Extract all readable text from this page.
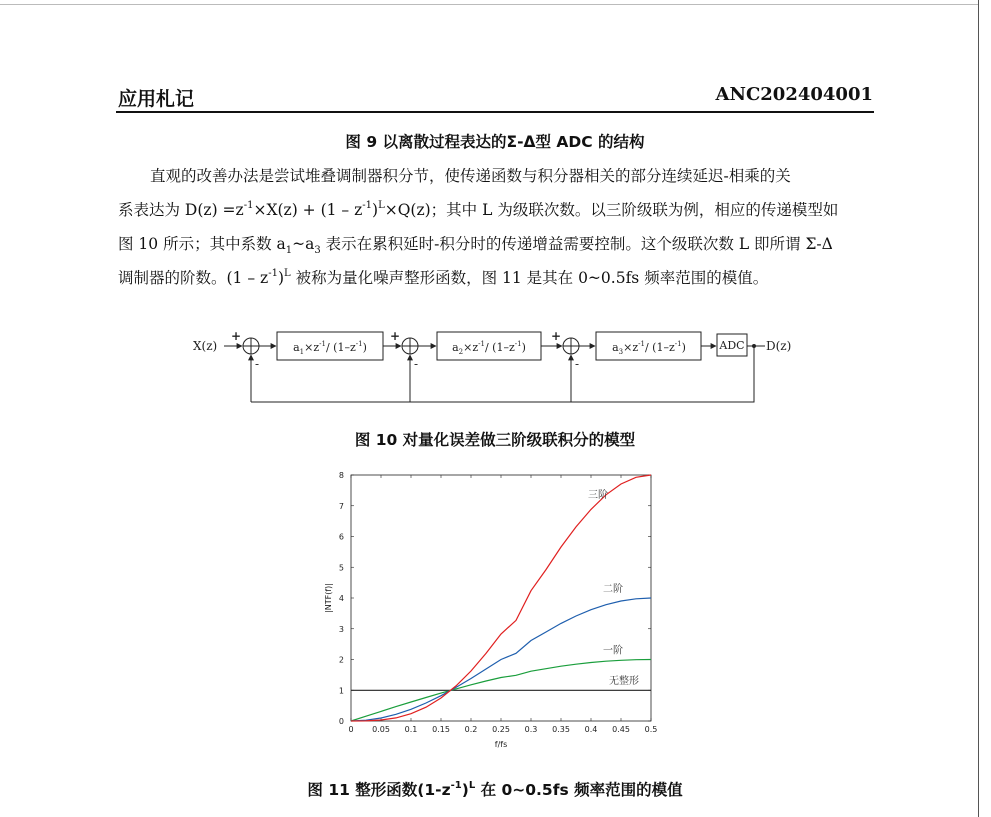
应用札记	ANC202404001
图 9 以离散过程表达的Σ-Δ型 ADC 的结构

直观的改善办法是尝试堆叠调制器积分节，使传递函数与积分器相关的部分连续延迟-相乘的关

系表达为 $D(z) =z^{-1}\times X(z) + (1 - z^{-1})^L\times Q(z)$；其中 L 为级联次数。以三阶级联为例，相应的传递模型如

图 10 所示；其中系数 $a_1\sim a_3$ 表示在累积延时-积分时的传递增益需要控制。这个级联次数 L 即所谓 Σ-Δ

调制器的阶数。$(1 - z^{-1})^L$ 被称为量化噪声整形函数，图 11 是其在 0~0.5fs 频率范围的模值。

X(z)
+
-
$a_1\times z^{-1}/$ $(1-z^{-1})$
+
-
$a_2\times z^{-1}/$ $(1-z^{-1})$
+
-
$a_3\times z^{-1}/$ $(1-z^{-1})$	ADC D(z)
图 10 对量化误差做三阶级联积分的模型
0 0.05 0.1 0.15 0.2 0.25 0.3 0.35 0.4 0.45 0.5
0
1
2
3
4
5
6
7
8
f/fs
|NTF(f)|
三阶
二阶
一阶
无整形
图 11 整形函数$(1-z^{-1})^L$ 在 0~0.5fs 频率范围的模值
